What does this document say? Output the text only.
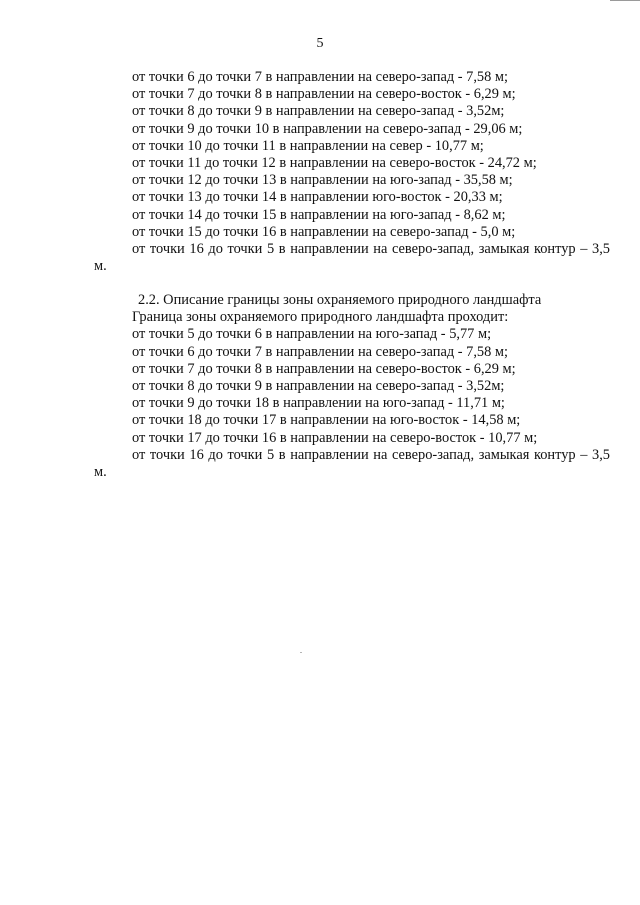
5
от точки 6 до точки 7 в направлении на северо-запад - 7,58 м;
от точки 7 до точки 8 в направлении на северо-восток - 6,29 м;
от точки 8 до точки 9 в направлении на северо-запад - 3,52м;
от точки 9 до точки 10 в направлении на северо-запад - 29,06 м;
от точки 10 до точки 11 в направлении на север - 10,77 м;
от точки 11 до точки 12 в направлении на северо-восток - 24,72 м;
от точки 12 до точки 13 в направлении на юго-запад - 35,58 м;
от точки 13 до точки 14 в направлении юго-восток - 20,33 м;
от точки 14 до точки 15 в направлении на юго-запад - 8,62 м;
от точки 15 до точки 16 в направлении на северо-запад - 5,0 м;
от точки 16 до точки 5 в направлении на северо-запад, замыкая контур – 3,5 м.
2.2. Описание границы зоны охраняемого природного ландшафта
Граница зоны охраняемого природного ландшафта проходит:
от точки 5 до точки 6 в направлении на юго-запад - 5,77 м;
от точки 6 до точки 7 в направлении на северо-запад - 7,58 м;
от точки 7 до точки 8 в направлении на северо-восток - 6,29 м;
от точки 8 до точки 9 в направлении на северо-запад - 3,52м;
от точки 9 до точки 18 в направлении на юго-запад - 11,71 м;
от точки 18 до точки 17 в направлении на юго-восток - 14,58 м;
от точки 17 до точки 16 в направлении на северо-восток - 10,77 м;
от точки 16 до точки 5 в направлении на северо-запад, замыкая контур – 3,5 м.
